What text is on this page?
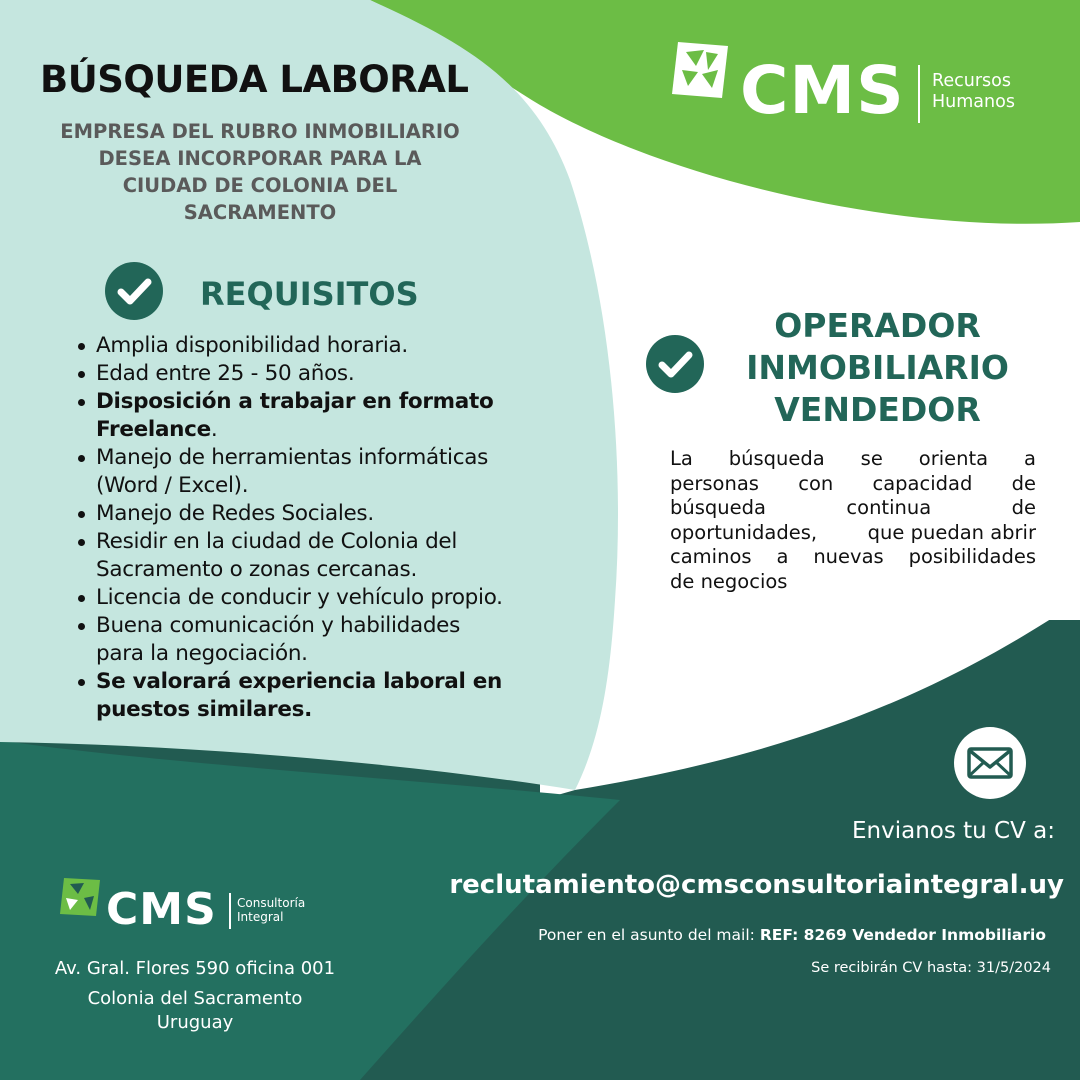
BÚSQUEDA LABORAL
EMPRESA DEL RUBRO INMOBILIARIO
DESEA INCORPORAR PARA LA
CIUDAD DE COLONIA DEL
SACRAMENTO
REQUISITOS
Amplia disponibilidad horaria.
Edad entre 25 - 50 años.
Disposición a trabajar en formato
Freelance.
Manejo de herramientas informáticas
(Word / Excel).
Manejo de Redes Sociales.
Residir en la ciudad de Colonia del
Sacramento o zonas cercanas.
Licencia de conducir y vehículo propio.
Buena comunicación y habilidades
para la negociación.
Se valorará experiencia laboral en
puestos similares.
CMS Recursos
Humanos
OPERADOR
INMOBILIARIO
VENDEDOR
La búsqueda se orienta a
personas con capacidad de
búsqueda	continua	de
oportunidades,	que puedan abrir
caminos a nuevas posibilidades
de negocios
Envianos tu CV a:
reclutamiento@cmsconsultoriaintegral.uy
Poner en el asunto del mail: REF: 8269 Vendedor Inmobiliario
Se recibirán CV hasta: 31/5/2024
CMS Consultoría
Integral
Av. Gral. Flores 590 oficina 001
Colonia del Sacramento
Uruguay
